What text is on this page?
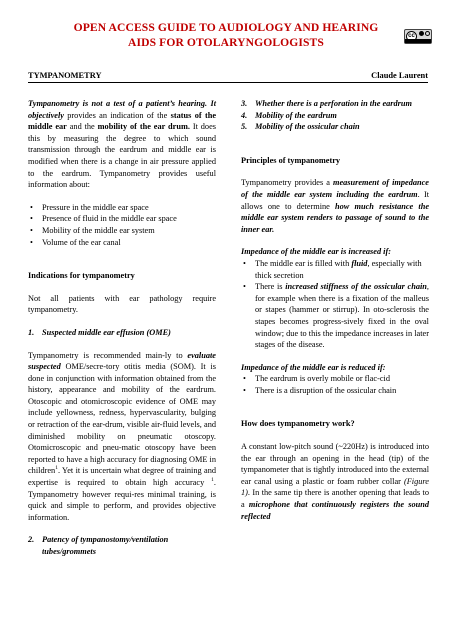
OPEN ACCESS GUIDE TO AUDIOLOGY AND HEARING
AIDS FOR OTOLARYNGOLOGISTS	cc
TYMPANOMETRY	Claude Laurent

Tympanometry is not a test of a patient’s hearing. It objectively provides an indication of the status of the middle ear and the mobility of the ear drum. It does this by measuring the degree to which sound transmission through the eardrum and middle ear is modified when there is a change in air pressure applied to the eardrum. Tympanometry provides useful information about:

• Pressure in the middle ear space
• Presence of fluid in the middle ear space
• Mobility of the middle ear system
• Volume of the ear canal
Indications for tympanometry

Not all patients with ear pathology require tympanometry.

1. Suspected middle ear effusion (OME)

Tympanometry is recommended main-ly to evaluate suspected OME/secre-tory otitis media (SOM). It is done in conjunction with information obtained from the history, appearance and mobility of the eardrum. Otoscopic and otomicroscopic evidence of OME may include yellowness, redness, hypervascularity, bulging or retraction of the ear-drum, visible air-fluid levels, and diminished mobility on pneumatic otoscopy. Otomicroscopic and pneu-matic otoscopy have been reported to have a high accuracy for diagnosing OME in children$^1$. Yet it is uncertain what degree of training and expertise is required to obtain high accuracy $^1$. Tympanometry however requi-res minimal training, is quick and simple to perform, and provides objective information.

2. Patency of tympanostomy/ventilation tubes/grommets
3. Whether there is a perforation in the eardrum
4. Mobility of the eardrum
5. Mobility of the ossicular chain
Principles of tympanometry

Tympanometry provides a measurement of impedance of the middle ear system including the eardrum. It allows one to determine how much resistance the middle ear system renders to passage of sound to the inner ear.

Impedance of the middle ear is increased if:

• The middle ear is filled with fluid, especially with thick secretion
• There is increased stiffness of the ossicular chain, for example when there is a fixation of the malleus or stapes (hammer or stirrup). In oto-sclerosis the stapes becomes progress-sively fixed in the oval window; due to this the impedance increases in later stages of the disease.

Impedance of the middle ear is reduced if:

• The eardrum is overly mobile or flac-cid
• There is a disruption of the ossicular chain
How does tympanometry work?

A constant low-pitch sound (~220Hz) is introduced into the ear through an opening in the head (tip) of the tympanometer that is tightly introduced into the external ear canal using a plastic or foam rubber collar (Figure 1). In the same tip there is another opening that leads to a microphone that continuously registers the sound reflected
